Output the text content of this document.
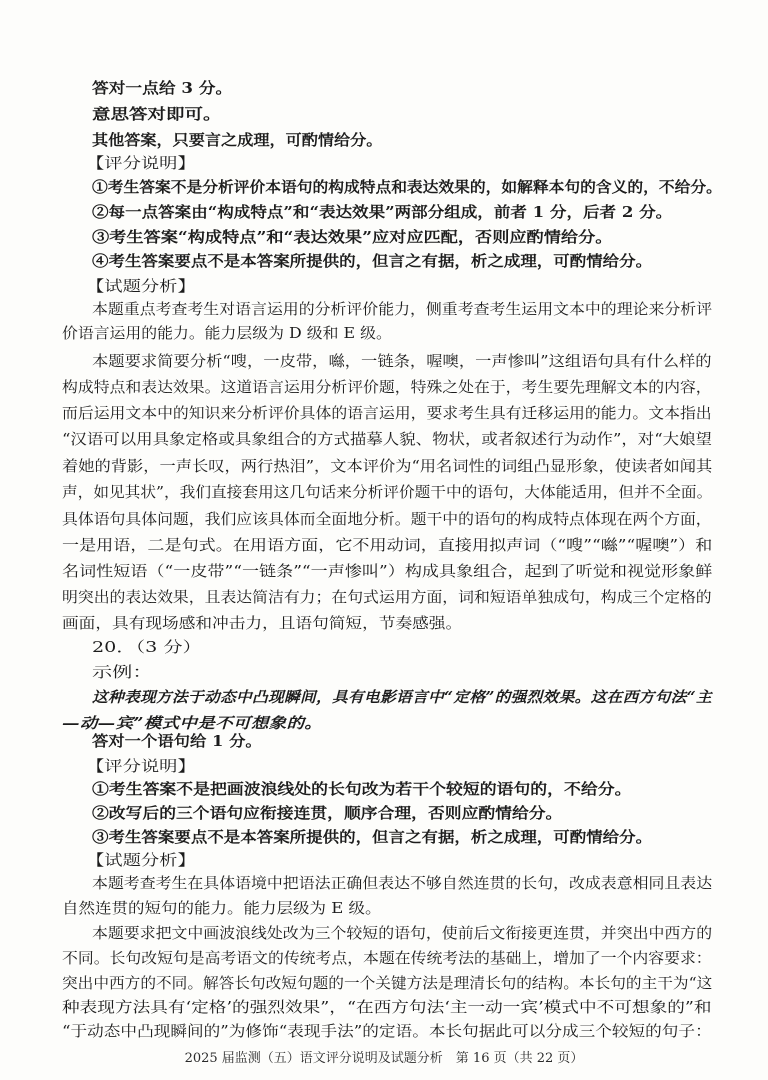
答对一点给 3 分。
意思答对即可。
其他答案，只要言之成理，可酌情给分。
【评分说明】
①考生答案不是分析评价本语句的构成特点和表达效果的，如解释本句的含义的，不给分。
②每一点答案由“构成特点”和“表达效果”两部分组成，前者 1 分，后者 2 分。
③考生答案“构成特点”和“表达效果”应对应匹配，否则应酌情给分。
④考生答案要点不是本答案所提供的，但言之有据，析之成理，可酌情给分。
【试题分析】
本题重点考查考生对语言运用的分析评价能力，侧重考查考生运用文本中的理论来分析评
价语言运用的能力。能力层级为 D 级和 E 级。
本题要求简要分析“嗖，一皮带，噝，一链条，喔噢，一声惨叫”这组语句具有什么样的
构成特点和表达效果。这道语言运用分析评价题，特殊之处在于，考生要先理解文本的内容，
而后运用文本中的知识来分析评价具体的语言运用，要求考生具有迁移运用的能力。文本指出
“汉语可以用具象定格或具象组合的方式描摹人貌、物状，或者叙述行为动作”，对“大娘望
着她的背影，一声长叹，两行热泪”，文本评价为“用名词性的词组凸显形象，使读者如闻其
声，如见其状”，我们直接套用这几句话来分析评价题干中的语句，大体能适用，但并不全面。
具体语句具体问题，我们应该具体而全面地分析。题干中的语句的构成特点体现在两个方面，
一是用语，二是句式。在用语方面，它不用动词，直接用拟声词（“嗖”“噝”“喔噢”）和
名词性短语（“一皮带”“一链条”“一声惨叫”）构成具象组合，起到了听觉和视觉形象鲜
明突出的表达效果，且表达简洁有力；在句式运用方面，词和短语单独成句，构成三个定格的
画面，具有现场感和冲击力，且语句简短，节奏感强。
20．（3 分）
示例：
这种表现方法于动态中凸现瞬间，具有电影语言中“定格”的强烈效果。这在西方句法“主
—动—宾”模式中是不可想象的。
答对一个语句给 1 分。
【评分说明】
①考生答案不是把画波浪线处的长句改为若干个较短的语句的，不给分。
②改写后的三个语句应衔接连贯，顺序合理，否则应酌情给分。
③考生答案要点不是本答案所提供的，但言之有据，析之成理，可酌情给分。
【试题分析】
本题考查考生在具体语境中把语法正确但表达不够自然连贯的长句，改成表意相同且表达
自然连贯的短句的能力。能力层级为 E 级。
本题要求把文中画波浪线处改为三个较短的语句，使前后文衔接更连贯，并突出中西方的
不同。长句改短句是高考语文的传统考点，本题在传统考法的基础上，增加了一个内容要求：
突出中西方的不同。解答长句改短句题的一个关键方法是理清长句的结构。本长句的主干为“这
种表现方法具有‘定格’的强烈效果”，“在西方句法‘主一动一宾’模式中不可想象的”和
“于动态中凸现瞬间的”为修饰“表现手法”的定语。本长句据此可以分成三个较短的句子：
2025 届监测（五）语文评分说明及试题分析　第 16 页（共 22 页）
